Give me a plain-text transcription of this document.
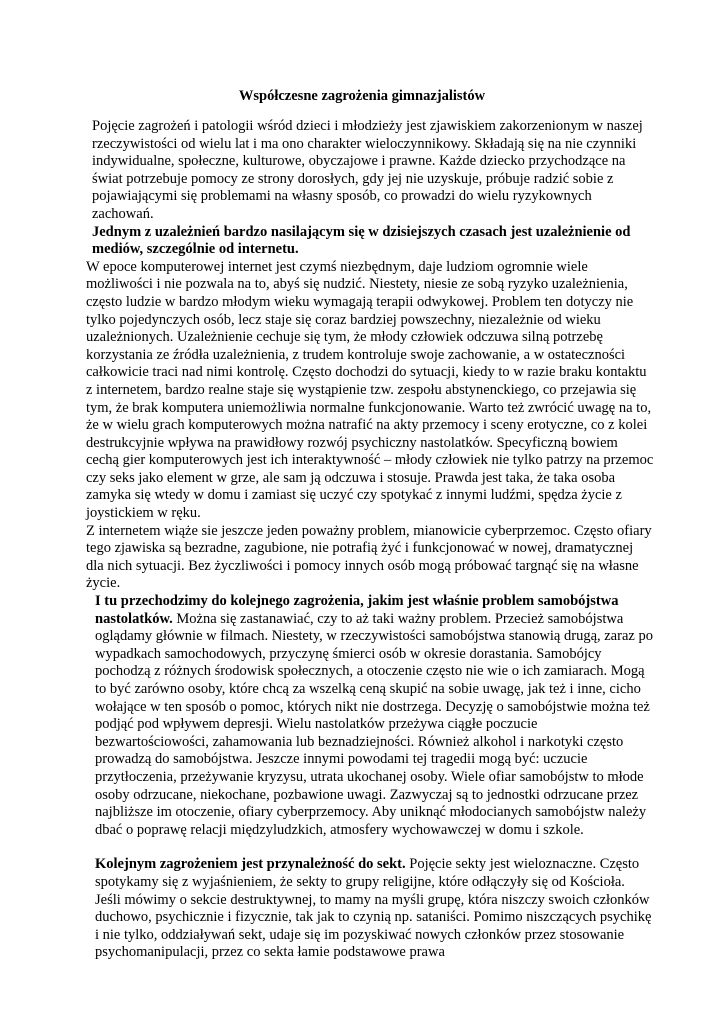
Współczesne zagrożenia gimnazjalistów

Pojęcie zagrożeń i patologii wśród dzieci i młodzieży jest zjawiskiem zakorzenionym w naszej rzeczywistości od wielu lat i ma ono charakter wieloczynnikowy. Składają się na nie czynniki indywidualne, społeczne, kulturowe, obyczajowe i prawne. Każde dziecko przychodzące na świat potrzebuje pomocy ze strony dorosłych, gdy jej nie uzyskuje, próbuje radzić sobie z pojawiającymi się problemami na własny sposób, co prowadzi do wielu ryzykownych zachowań.

Jednym z uzależnień bardzo nasilającym się w dzisiejszych czasach jest uzależnienie od mediów, szczególnie od internetu.

W epoce komputerowej internet jest czymś niezbędnym, daje ludziom ogromnie wiele możliwości i nie pozwala na to, abyś się nudzić. Niestety, niesie ze sobą ryzyko uzależnienia, często ludzie w bardzo młodym wieku wymagają terapii odwykowej. Problem ten dotyczy nie tylko pojedynczych osób, lecz staje się coraz bardziej powszechny, niezależnie od wieku uzależnionych. Uzależnienie cechuje się tym, że młody człowiek odczuwa silną potrzebę korzystania ze źródła uzależnienia, z trudem kontroluje swoje zachowanie, a w ostateczności całkowicie traci nad nimi kontrolę. Często dochodzi do sytuacji, kiedy to w razie braku kontaktu z internetem, bardzo realne staje się wystąpienie tzw. zespołu abstynenckiego, co przejawia się tym, że brak komputera uniemożliwia normalne funkcjonowanie. Warto też zwrócić uwagę na to, że w wielu grach komputerowych można natrafić na akty przemocy i sceny erotyczne, co z kolei destrukcyjnie wpływa na prawidłowy rozwój psychiczny nastolatków. Specyficzną bowiem cechą gier komputerowych jest ich interaktywność – młody człowiek nie tylko patrzy na przemoc czy seks jako element w grze, ale sam ją odczuwa i stosuje. Prawda jest taka, że taka osoba zamyka się wtedy w domu i zamiast się uczyć czy spotykać z innymi ludźmi, spędza życie z joystickiem w ręku.

Z internetem wiąże sie jeszcze jeden poważny problem, mianowicie cyberprzemoc. Często ofiary tego zjawiska są bezradne, zagubione, nie potrafią żyć i funkcjonować w nowej, dramatycznej dla nich sytuacji. Bez życzliwości i pomocy innych osób mogą próbować targnąć się na własne życie.

I tu przechodzimy do kolejnego zagrożenia, jakim jest właśnie problem samobójstwa nastolatków. Można się zastanawiać, czy to aż taki ważny problem. Przecież samobójstwa oglądamy głównie w filmach. Niestety, w rzeczywistości samobójstwa stanowią drugą, zaraz po wypadkach samochodowych, przyczynę śmierci osób w okresie dorastania. Samobójcy pochodzą z różnych środowisk społecznych, a otoczenie często nie wie o ich zamiarach. Mogą to być zarówno osoby, które chcą za wszelką ceną skupić na sobie uwagę, jak też i inne, cicho wołające w ten sposób o pomoc, których nikt nie dostrzega. Decyzję o samobójstwie można też podjąć pod wpływem depresji. Wielu nastolatków przeżywa ciągłe poczucie bezwartościowości, zahamowania lub beznadziejności. Również alkohol i narkotyki często prowadzą do samobójstwa. Jeszcze innymi powodami tej tragedii mogą być: uczucie przytłoczenia, przeżywanie kryzysu, utrata ukochanej osoby. Wiele ofiar samobójstw to młode osoby odrzucane, niekochane, pozbawione uwagi. Zazwyczaj są to jednostki odrzucane przez najbliższe im otoczenie, ofiary cyberprzemocy. Aby uniknąć młodocianych samobójstw należy dbać o poprawę relacji międzyludzkich, atmosfery wychowawczej w domu i szkole.

Kolejnym zagrożeniem jest przynależność do sekt. Pojęcie sekty jest wieloznaczne. Często spotykamy się z wyjaśnieniem, że sekty to grupy religijne, które odłączyły się od Kościoła. Jeśli mówimy o sekcie destruktywnej, to mamy na myśli grupę, która niszczy swoich członków duchowo, psychicznie i fizycznie, tak jak to czynią np. sataniści. Pomimo niszczących psychikę i nie tylko, oddziaływań sekt, udaje się im pozyskiwać nowych członków przez stosowanie psychomanipulacji, przez co sekta łamie podstawowe prawa
